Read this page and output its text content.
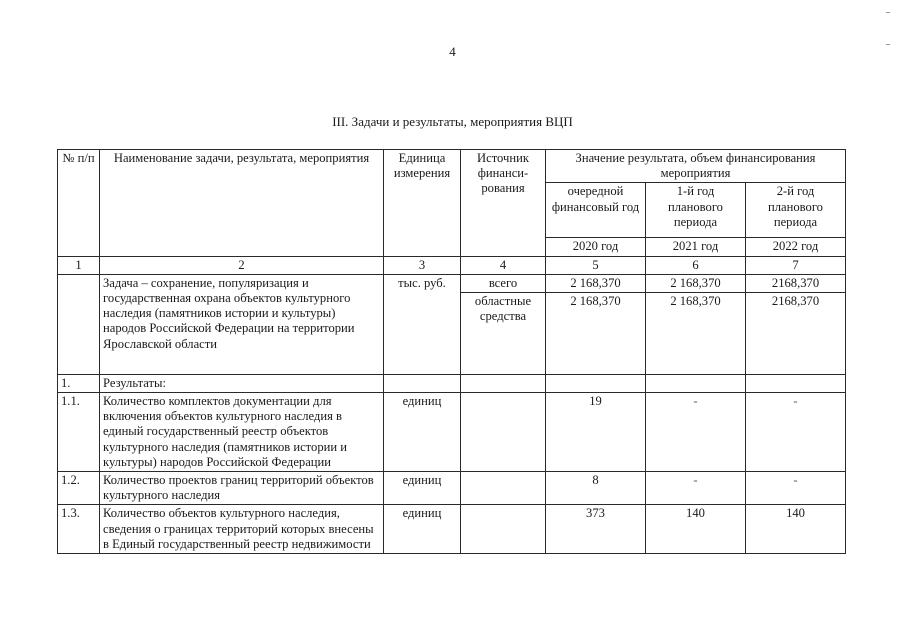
4
III. Задачи и результаты, мероприятия ВЦП
№ п/п	Наименование задачи, результата, мероприятия	Единица измерения	Источник финанси-рования	Значение результата, объем финансирования мероприятия		
				очередной финансовый год	1-й год планового периода	2-й год планового периода
				2020 год	2021 год	2022 год
1	2	3	4	5	6	7
	Задача – сохранение, популяризация и государственная охрана объектов культурного наследия (памятников истории и культуры) народов Российской Федерации на территории Ярославской области	тыс. руб.	всего	2 168,370	2 168,370	2168,370
			областные средства	2 168,370	2 168,370	2168,370
1.	Результаты:					
1.1.	Количество комплектов документации для включения объектов культурного наследия в единый государственный реестр объектов культурного наследия (памятников истории и культуры) народов Российской Федерации	единиц		19	-	-
1.2.	Количество проектов границ территорий объектов культурного наследия	единиц		8	-	-
1.3.	Количество объектов культурного наследия, сведения о границах территорий которых внесены в Единый государственный реестр недвижимости	единиц		373	140	140
